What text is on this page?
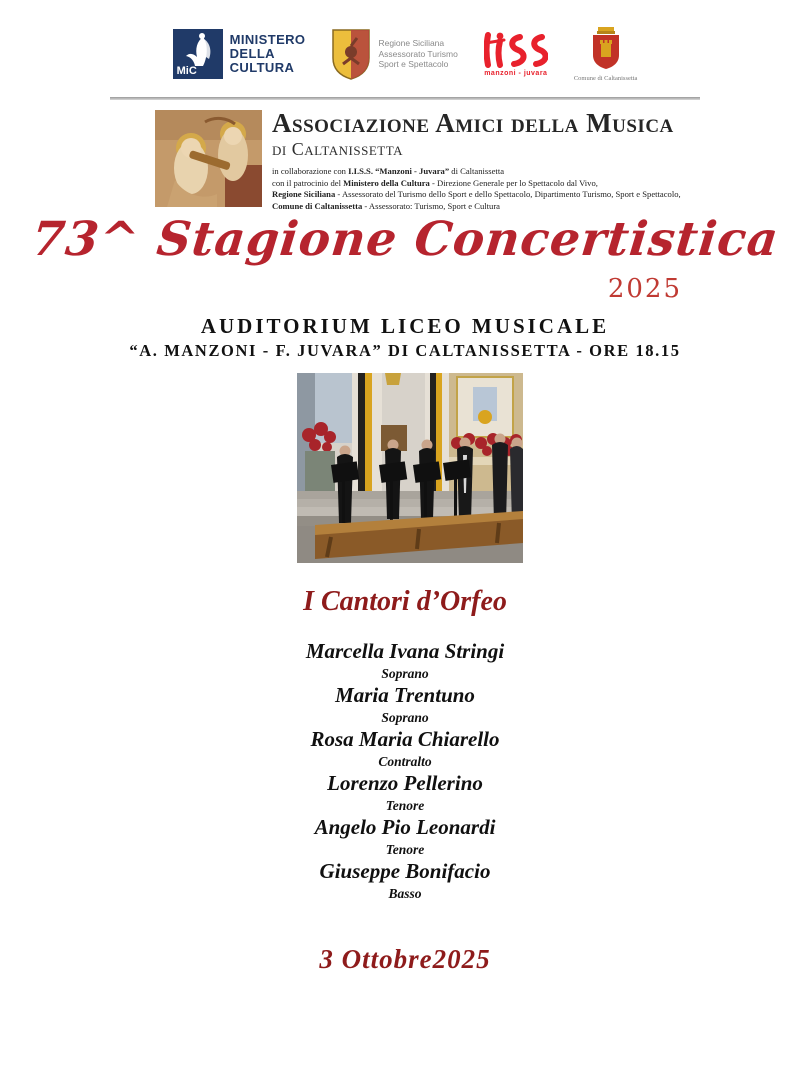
MiC
MINISTERO
DELLA
CULTURA
Regione Siciliana
Assessorato Turismo
Sport e Spettacolo
manzoni - juvara
Comune di Caltanissetta
Associazione Amici della Musica
di Caltanissetta
in collaborazione con I.I.S.S. “Manzoni - Juvara” di Caltanissetta
con il patrocinio del Ministero della Cultura - Direzione Generale per lo Spettacolo dal Vivo,
Regione Siciliana - Assessorato del Turismo dello Sport e dello Spettacolo, Dipartimento Turismo, Sport e Spettacolo,
Comune di Caltanissetta - Assessorato: Turismo, Sport e Cultura
73^ Stagione Concertistica
2025
AUDITORIUM LICEO MUSICALE
“A. MANZONI - F. JUVARA” DI CALTANISSETTA - ORE 18.15
I Cantori d’Orfeo
Marcella Ivana Stringi
Soprano
Maria Trentuno
Soprano
Rosa Maria Chiarello
Contralto
Lorenzo Pellerino
Tenore
Angelo Pio Leonardi
Tenore
Giuseppe Bonifacio
Basso
3 Ottobre2025
